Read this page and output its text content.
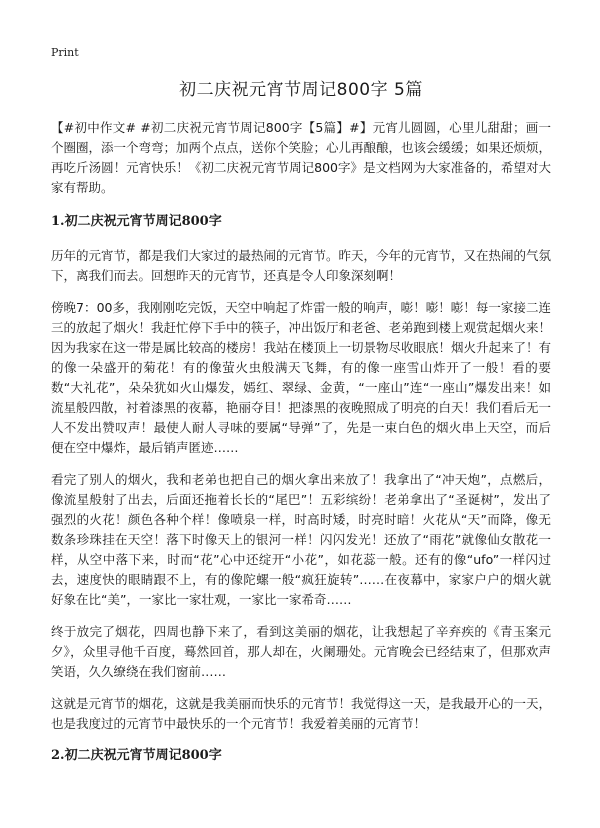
Print
初二庆祝元宵节周记800字 5篇

【#初中作文# #初二庆祝元宵节周记800字【5篇】#】元宵儿圆圆，心里儿甜甜；画一个圈圈，添一个弯弯；加两个点点，送你个笑脸；心儿再酿酿，也该会缓缓；如果还烦烦，再吃斤汤圆！元宵快乐！《初二庆祝元宵节周记800字》是文档网为大家准备的，希望对大家有帮助。

1.初二庆祝元宵节周记800字

历年的元宵节，都是我们大家过的最热闹的元宵节。昨天，今年的元宵节，又在热闹的气氛下，离我们而去。回想昨天的元宵节，还真是令人印象深刻啊！

傍晚7：00多，我刚刚吃完饭，天空中响起了炸雷一般的响声，嘭！嘭！嘭！每一家接二连三的放起了烟火！我赶忙停下手中的筷子，冲出饭厅和老爸、老弟跑到楼上观赏起烟火来！因为我家在这一带是属比较高的楼房！我站在楼顶上一切景物尽收眼底！烟火升起来了！有的像一朵盛开的菊花！有的像萤火虫般满天飞舞，有的像一座雪山炸开了一般！看的要数“大礼花”，朵朵犹如火山爆发，嫣红、翠绿、金黄，“一座山”连“一座山”爆发出来！如流星般四散，衬着漆黑的夜幕，艳丽夺目！把漆黑的夜晚照成了明亮的白天！我们看后无一人不发出赞叹声！最使人耐人寻味的要属“导弹”了，先是一束白色的烟火串上天空，而后便在空中爆炸，最后销声匿迹……

看完了别人的烟火，我和老弟也把自己的烟火拿出来放了！我拿出了“冲天炮”，点燃后，像流星般射了出去，后面还拖着长长的“尾巴”！五彩缤纷！老弟拿出了“圣诞树”，发出了强烈的火花！颜色各种个样！像喷泉一样，时高时矮，时亮时暗！火花从“天”而降，像无数条珍珠挂在天空！落下时像天上的银河一样！闪闪发光！还放了“雨花”就像仙女散花一样，从空中落下来，时而“花”心中还绽开“小花”，如花蕊一般。还有的像“ufo”一样闪过去，速度快的眼睛跟不上，有的像陀螺一般“疯狂旋转”……在夜幕中，家家户户的烟火就好象在比“美”，一家比一家壮观，一家比一家希奇……

终于放完了烟花，四周也静下来了，看到这美丽的烟花，让我想起了辛弃疾的《青玉案元夕》，众里寻他千百度，蓦然回首，那人却在，火阑珊处。元宵晚会已经结束了，但那欢声笑语，久久缭绕在我们窗前……

这就是元宵节的烟花，这就是我美丽而快乐的元宵节！我觉得这一天，是我最开心的一天，也是我度过的元宵节中最快乐的一个元宵节！我爱着美丽的元宵节！

2.初二庆祝元宵节周记800字
